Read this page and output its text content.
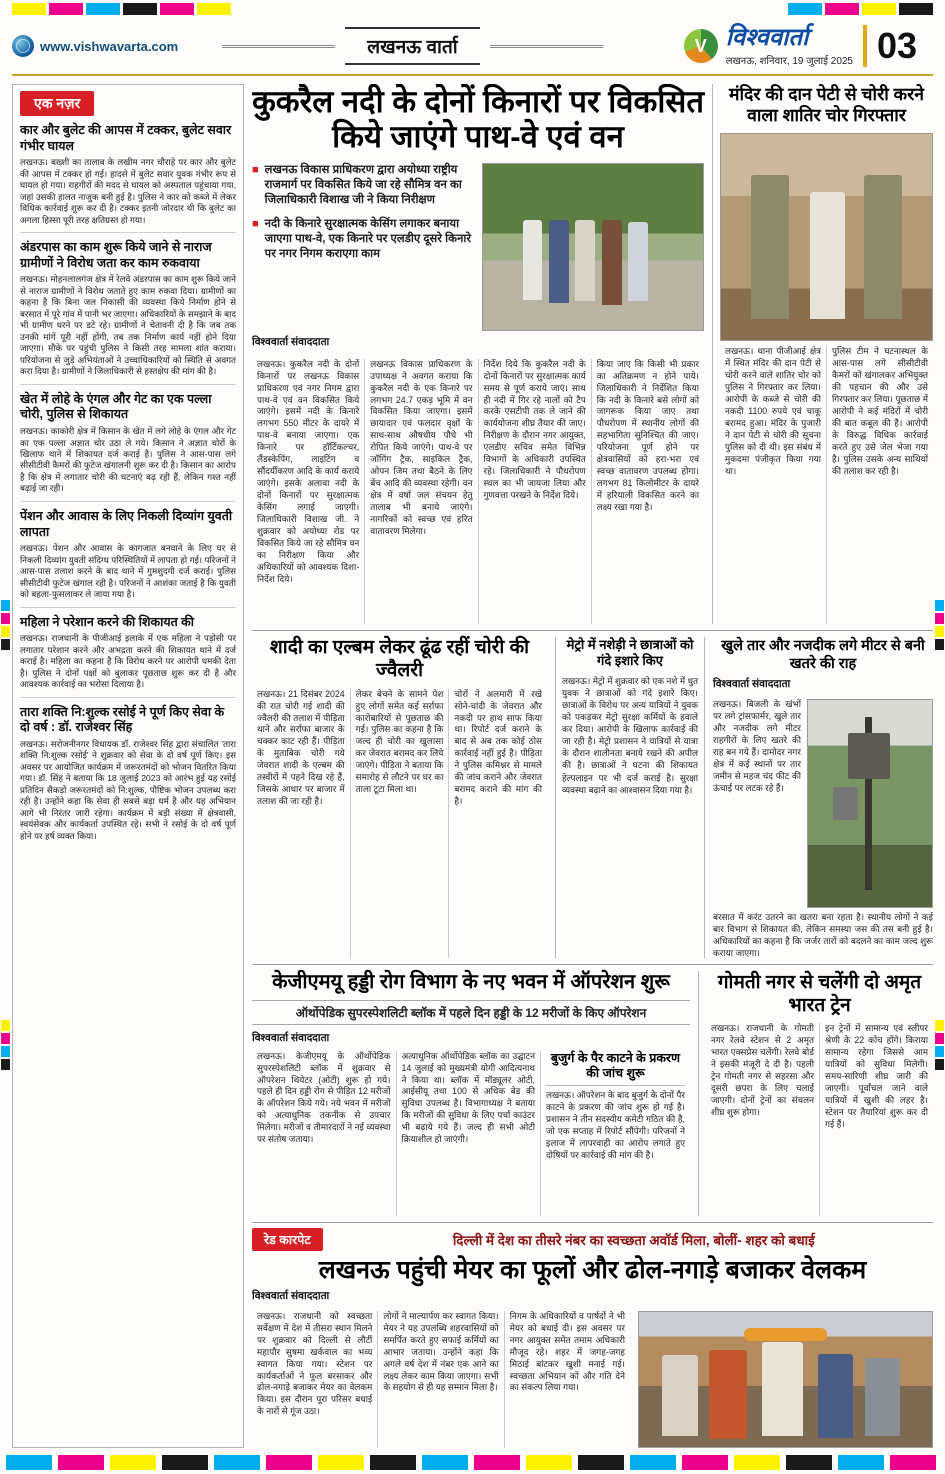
www.vishwavarta.com	लखनऊ वार्ता	V विश्ववार्ता
लखनऊ, शनिवार, 19 जुलाई 2025 03
एक नज़र
कार और बुलेट की आपस में टक्कर, बुलेट सवार गंभीर घायल
लखनऊ। बख्शी का तालाब के लखीम नगर चौराहे पर कार और बुलेट की आपस में टक्कर हो गई। हादसे में बुलेट सवार युवक गंभीर रूप से घायल हो गया। राहगीरों की मदद से घायल को अस्पताल पहुंचाया गया, जहां उसकी हालत नाजुक बनी हुई है। पुलिस ने कार को कब्जे में लेकर विधिक कार्रवाई शुरू कर दी है। टक्कर इतनी जोरदार थी कि बुलेट का अगला हिस्सा पूरी तरह क्षतिग्रस्त हो गया।
अंडरपास का काम शुरू किये जाने से नाराज ग्रामीणों ने विरोध जता कर काम रुकवाया
लखनऊ। मोहनलालगंज क्षेत्र में रेलवे अंडरपास का काम शुरू किये जाने से नाराज ग्रामीणों ने विरोध जताते हुए काम रुकवा दिया। ग्रामीणों का कहना है कि बिना जल निकासी की व्यवस्था किये निर्माण होने से बरसात में पूरे गांव में पानी भर जाएगा। अधिकारियों के समझाने के बाद भी ग्रामीण धरने पर डटे रहे। ग्रामीणों ने चेतावनी दी है कि जब तक उनकी मांगें पूरी नहीं होंगी, तब तक निर्माण कार्य नहीं होने दिया जाएगा। मौके पर पहुंची पुलिस ने किसी तरह मामला शांत कराया। परियोजना से जुड़े अभियंताओं ने उच्चाधिकारियों को स्थिति से अवगत करा दिया है। ग्रामीणों ने जिलाधिकारी से हस्तक्षेप की मांग की है।
खेत में लोहे के एंगल और गेट का एक पल्ला चोरी, पुलिस से शिकायत
लखनऊ। काकोरी क्षेत्र में किसान के खेत में लगे लोहे के एंगल और गेट का एक पल्ला अज्ञात चोर उठा ले गये। किसान ने अज्ञात चोरों के खिलाफ थाने में शिकायत दर्ज कराई है। पुलिस ने आस-पास लगे सीसीटीवी कैमरों की फुटेज खंगालनी शुरू कर दी है। किसान का आरोप है कि क्षेत्र में लगातार चोरी की घटनाएं बढ़ रही हैं, लेकिन गश्त नहीं बढ़ाई जा रही।
पेंशन और आवास के लिए निकली दिव्यांग युवती लापता
लखनऊ। पेंशन और आवास के कागजात बनवाने के लिए घर से निकली दिव्यांग युवती संदिग्ध परिस्थितियों में लापता हो गई। परिजनों ने आस-पास तलाश करने के बाद थाने में गुमशुदगी दर्ज कराई। पुलिस सीसीटीवी फुटेज खंगाल रही है। परिजनों ने आशंका जताई है कि युवती को बहला-फुसलाकर ले जाया गया है।
महिला ने परेशान करने की शिकायत की
लखनऊ। राजधानी के पीजीआई इलाके में एक महिला ने पड़ोसी पर लगातार परेशान करने और अभद्रता करने की शिकायत थाने में दर्ज कराई है। महिला का कहना है कि विरोध करने पर आरोपी धमकी देता है। पुलिस ने दोनों पक्षों को बुलाकर पूछताछ शुरू कर दी है और आवश्यक कार्रवाई का भरोसा दिलाया है।
तारा शक्ति नि:शुल्क रसोई ने पूर्ण किए सेवा के दो वर्ष : डॉ. राजेश्वर सिंह
लखनऊ। सरोजनीनगर विधायक डॉ. राजेश्वर सिंह द्वारा संचालित 'तारा शक्ति नि:शुल्क रसोई' ने शुक्रवार को सेवा के दो वर्ष पूर्ण किए। इस अवसर पर आयोजित कार्यक्रम में जरूरतमंदों को भोजन वितरित किया गया। डॉ. सिंह ने बताया कि 18 जुलाई 2023 को आरंभ हुई यह रसोई प्रतिदिन सैकड़ों जरूरतमंदों को नि:शुल्क, पौष्टिक भोजन उपलब्ध करा रही है। उन्होंने कहा कि सेवा ही सबसे बड़ा धर्म है और यह अभियान आगे भी निरंतर जारी रहेगा। कार्यक्रम में बड़ी संख्या में क्षेत्रवासी, स्वयंसेवक और कार्यकर्ता उपस्थित रहे। सभी ने रसोई के दो वर्ष पूर्ण होने पर हर्ष व्यक्त किया।
कुकरैल नदी के दोनों किनारों पर विकसित किये जाएंगे पाथ-वे एवं वन
■ लखनऊ विकास प्राधिकरण द्वारा अयोध्या राष्ट्रीय राजमार्ग पर विकसित किये जा रहे सौमित्र वन का जिलाधिकारी विशाख जी ने किया निरीक्षण
■ नदी के किनारे सुरक्षात्मक केसिंग लगाकर बनाया जाएगा पाथ-वे, एक किनारे पर एलडीए दूसरे किनारे पर नगर निगम कराएगा काम
विश्ववार्ता संवाददाता
लखनऊ। कुकरैल नदी के दोनों किनारों पर लखनऊ विकास प्राधिकरण एवं नगर निगम द्वारा पाथ-वे एवं वन विकसित किये जाएंगे। इसमें नदी के किनारे लगभग 550 मीटर के दायरे में पाथ-वे बनाया जाएगा। एक किनारे पर हॉर्टिकल्चर, लैंडस्केपिंग, लाइटिंग व सौंदर्यीकरण आदि के कार्य कराये जाएंगे। इसके अलावा नदी के दोनों किनारों पर सुरक्षात्मक केसिंग लगाई जाएगी। जिलाधिकारी विशाख जी. ने शुक्रवार को अयोध्या रोड पर विकसित किये जा रहे सौमित्र वन का निरीक्षण किया और अधिकारियों को आवश्यक दिशा-निर्देश दिये।
लखनऊ विकास प्राधिकरण के उपाध्यक्ष ने अवगत कराया कि कुकरैल नदी के एक किनारे पर लगभग 24.7 एकड़ भूमि में वन विकसित किया जाएगा। इसमें छायादार एवं फलदार वृक्षों के साथ-साथ औषधीय पौधे भी रोपित किये जाएंगे। पाथ-वे पर जॉगिंग ट्रैक, साइकिल ट्रैक, ओपन जिम तथा बैठने के लिए बेंच आदि की व्यवस्था रहेगी। वन क्षेत्र में वर्षा जल संचयन हेतु तालाब भी बनाये जाएंगे। नागरिकों को स्वच्छ एवं हरित वातावरण मिलेगा।
निर्देश दिये कि कुकरैल नदी के दोनों किनारों पर सुरक्षात्मक कार्य समय से पूर्ण कराये जाएं। साथ ही नदी में गिर रहे नालों को टैप करके एसटीपी तक ले जाने की कार्ययोजना शीघ्र तैयार की जाए। निरीक्षण के दौरान नगर आयुक्त, एलडीए सचिव समेत विभिन्न विभागों के अधिकारी उपस्थित रहे। जिलाधिकारी ने पौधरोपण स्थल का भी जायजा लिया और गुणवत्ता परखने के निर्देश दिये।
किया जाए कि किसी भी प्रकार का अतिक्रमण न होने पाये। जिलाधिकारी ने निर्देशित किया कि नदी के किनारे बसे लोगों को जागरूक किया जाए तथा पौधरोपण में स्थानीय लोगों की सहभागिता सुनिश्चित की जाए। परियोजना पूर्ण होने पर क्षेत्रवासियों को हरा-भरा एवं स्वच्छ वातावरण उपलब्ध होगा। लगभग 81 किलोमीटर के दायरे में हरियाली विकसित करने का लक्ष्य रखा गया है।
मंदिर की दान पेटी से चोरी करने वाला शातिर चोर गिरफ्तार
लखनऊ। थाना पीजीआई क्षेत्र में स्थित मंदिर की दान पेटी से चोरी करने वाले शातिर चोर को पुलिस ने गिरफ्तार कर लिया। आरोपी के कब्जे से चोरी की नकदी 1100 रुपये एवं चाकू बरामद हुआ। मंदिर के पुजारी ने दान पेटी से चोरी की सूचना पुलिस को दी थी। इस संबंध में मुकदमा पंजीकृत किया गया था।
पुलिस टीम ने घटनास्थल के आस-पास लगे सीसीटीवी कैमरों को खंगालकर अभियुक्त की पहचान की और उसे गिरफ्तार कर लिया। पूछताछ में आरोपी ने कई मंदिरों में चोरी की बात कबूल की है। आरोपी के विरुद्ध विधिक कार्रवाई करते हुए उसे जेल भेजा गया है। पुलिस उसके अन्य साथियों की तलाश कर रही है।
शादी का एल्बम लेकर ढूंढ रहीं चोरी की ज्वैलरी
लखनऊ। 21 दिसंबर 2024 की रात चोरी गई शादी की ज्वैलरी की तलाश में पीड़िता थाने और सर्राफा बाजार के चक्कर काट रही हैं। पीड़िता के मुताबिक चोरी गये जेवरात शादी के एल्बम की तस्वीरों में पहने दिख रहे हैं, जिसके आधार पर बाजार में तलाश की जा रही है।
लेकर बेचने के सामने पेश हुए लोगों समेत कई सर्राफा कारोबारियों से पूछताछ की गई। पुलिस का कहना है कि जल्द ही चोरी का खुलासा कर जेवरात बरामद कर लिये जाएंगे। पीड़िता ने बताया कि समारोह से लौटने पर घर का ताला टूटा मिला था।
चोरों ने अलमारी में रखे सोने-चांदी के जेवरात और नकदी पर हाथ साफ किया था। रिपोर्ट दर्ज कराने के बाद से अब तक कोई ठोस कार्रवाई नहीं हुई है। पीड़िता ने पुलिस कमिश्नर से मामले की जांच कराने और जेवरात बरामद कराने की मांग की है।
मेट्रो में नशेड़ी ने छात्राओं को गंदे इशारे किए
लखनऊ। मेट्रो में शुक्रवार को एक नशे में धुत युवक ने छात्राओं को गंदे इशारे किए। छात्राओं के विरोध पर अन्य यात्रियों ने युवक को पकड़कर मेट्रो सुरक्षा कर्मियों के हवाले कर दिया। आरोपी के खिलाफ कार्रवाई की जा रही है। मेट्रो प्रशासन ने यात्रियों से यात्रा के दौरान शालीनता बनाये रखने की अपील की है। छात्राओं ने घटना की शिकायत हेल्पलाइन पर भी दर्ज कराई है। सुरक्षा व्यवस्था बढ़ाने का आश्वासन दिया गया है।
खुले तार और नजदीक लगे मीटर से बनी खतरे की राह
विश्ववार्ता संवाददाता
लखनऊ। बिजली के खंभों पर लगे ट्रांसफार्मर, खुले तार और नजदीक लगे मीटर राहगीरों के लिए खतरे की राह बन गये हैं। दामोदर नगर क्षेत्र में कई स्थानों पर तार जमीन से महज चंद फीट की ऊंचाई पर लटक रहे हैं।
बरसात में करंट उतरने का खतरा बना रहता है। स्थानीय लोगों ने कई बार विभाग से शिकायत की, लेकिन समस्या जस की तस बनी हुई है। अधिकारियों का कहना है कि जर्जर तारों को बदलने का काम जल्द शुरू कराया जाएगा।
केजीएमयू हड्डी रोग विभाग के नए भवन में ऑपरेशन शुरू
ऑर्थोपेडिक सुपरस्पेशलिटी ब्लॉक में पहले दिन हड्डी के 12 मरीजों के किए ऑपरेशन
विश्ववार्ता संवाददाता
लखनऊ। केजीएमयू के ऑर्थोपेडिक सुपरस्पेशलिटी ब्लॉक में शुक्रवार से ऑपरेशन थियेटर (ओटी) शुरू हो गये। पहले ही दिन हड्डी रोग से पीड़ित 12 मरीजों के ऑपरेशन किये गये। नये भवन में मरीजों को अत्याधुनिक तकनीक से उपचार मिलेगा। मरीजों व तीमारदारों ने नई व्यवस्था पर संतोष जताया।
अत्याधुनिक ऑर्थोपेडिक ब्लॉक का उद्घाटन 14 जुलाई को मुख्यमंत्री योगी आदित्यनाथ ने किया था। ब्लॉक में मॉड्यूलर ओटी, आईसीयू तथा 100 से अधिक बेड की सुविधा उपलब्ध है। विभागाध्यक्ष ने बताया कि मरीजों की सुविधा के लिए पर्चा काउंटर भी बढ़ाये गये हैं। जल्द ही सभी ओटी क्रियाशील हो जाएंगी।
बुजुर्ग के पैर काटने के प्रकरण की जांच शुरू
लखनऊ। ऑपरेशन के बाद बुजुर्ग के दोनों पैर काटने के प्रकरण की जांच शुरू हो गई है। प्रशासन ने तीन सदस्यीय कमेटी गठित की है, जो एक सप्ताह में रिपोर्ट सौंपेगी। परिजनों ने इलाज में लापरवाही का आरोप लगाते हुए दोषियों पर कार्रवाई की मांग की है।
गोमती नगर से चलेंगी दो अमृत भारत ट्रेन
लखनऊ। राजधानी के गोमती नगर रेलवे स्टेशन से 2 अमृत भारत एक्सप्रेस चलेंगी। रेलवे बोर्ड ने इसकी मंजूरी दे दी है। पहली ट्रेन गोमती नगर से सहरसा और दूसरी छपरा के लिए चलाई जाएगी। दोनों ट्रेनों का संचलन शीघ्र शुरू होगा।
इन ट्रेनों में सामान्य एवं स्लीपर श्रेणी के 22 कोच होंगे। किराया सामान्य रहेगा जिससे आम यात्रियों को सुविधा मिलेगी। समय-सारिणी शीघ्र जारी की जाएगी। पूर्वांचल जाने वाले यात्रियों में खुशी की लहर है। स्टेशन पर तैयारियां शुरू कर दी गई हैं।
रेड कारपेट	दिल्ली में देश का तीसरे नंबर का स्वच्छता अवॉर्ड मिला, बोलीं- शहर को बधाई
लखनऊ पहुंची मेयर का फूलों और ढोल-नगाड़े बजाकर वेलकम
विश्ववार्ता संवाददाता
लखनऊ। राजधानी को स्वच्छता सर्वेक्षण में देश में तीसरा स्थान मिलने पर शुक्रवार को दिल्ली से लौटीं महापौर सुषमा खर्कवाल का भव्य स्वागत किया गया। स्टेशन पर कार्यकर्ताओं ने फूल बरसाकर और ढोल-नगाड़े बजाकर मेयर का वेलकम किया। इस दौरान पूरा परिसर बधाई के नारों से गूंज उठा।
लोगों ने माल्यार्पण कर स्वागत किया। मेयर ने यह उपलब्धि शहरवासियों को समर्पित करते हुए सफाई कर्मियों का आभार जताया। उन्होंने कहा कि अगले वर्ष देश में नंबर एक आने का लक्ष्य लेकर काम किया जाएगा। सभी के सहयोग से ही यह सम्मान मिला है।
निगम के अधिकारियों व पार्षदों ने भी मेयर को बधाई दी। इस अवसर पर नगर आयुक्त समेत तमाम अधिकारी मौजूद रहे। शहर में जगह-जगह मिठाई बांटकर खुशी मनाई गई। स्वच्छता अभियान को और गति देने का संकल्प लिया गया।
